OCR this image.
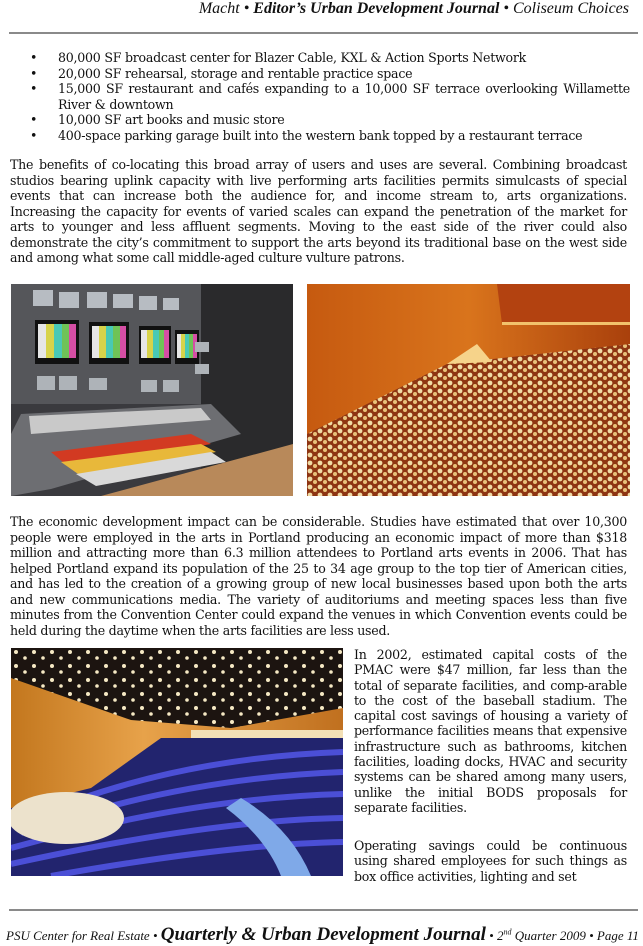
Macht • Editor’s Urban Development Journal • Coliseum Choices
• 80,000 SF broadcast center for Blazer Cable, KXL & Action Sports Network
• 20,000 SF rehearsal, storage and rentable practice space
• 15,000 SF restaurant and cafés expanding to a 10,000 SF terrace overlooking Willamette River & downtown
• 10,000 SF art books and music store
• 400-space parking garage built into the western bank topped by a restaurant terrace

The benefits of co-locating this broad array of users and uses are several. Combining broadcast studios bearing uplink capacity with live performing arts facilities permits simulcasts of special events that can increase both the audience for, and income stream to, arts organizations. Increasing the capacity for events of varied scales can expand the penetration of the market for arts to younger and less affluent segments. Moving to the east side of the river could also demonstrate the city’s commitment to support the arts beyond its traditional base on the west side and among what some call middle-aged culture vulture patrons.

The economic development impact can be considerable. Studies have estimated that over 10,300 people were employed in the arts in Portland producing an economic impact of more than $318 million and attracting more than 6.3 million attendees to Portland arts events in 2006. That has helped Portland expand its population of the 25 to 34 age group to the top tier of American cities, and has led to the creation of a growing group of new local businesses based upon both the arts and new communications media. The variety of auditoriums and meeting spaces less than five minutes from the Convention Center could expand the venues in which Convention events could be held during the daytime when the arts facilities are less used.

In 2002, estimated capital costs of the PMAC were $47 million, far less than the total of separate facilities, and comp-arable to the cost of the baseball stadium. The capital cost savings of housing a variety of performance facilities means that expensive infrastructure such as bathrooms, kitchen facilities, loading docks, HVAC and security systems can be shared among many users, unlike the initial BODS proposals for separate facilities.

Operating savings could be continuous using shared employees for such things as box office activities, lighting and set

PSU Center for Real Estate • Quarterly & Urban Development Journal • 2nd Quarter 2009 • Page 11
